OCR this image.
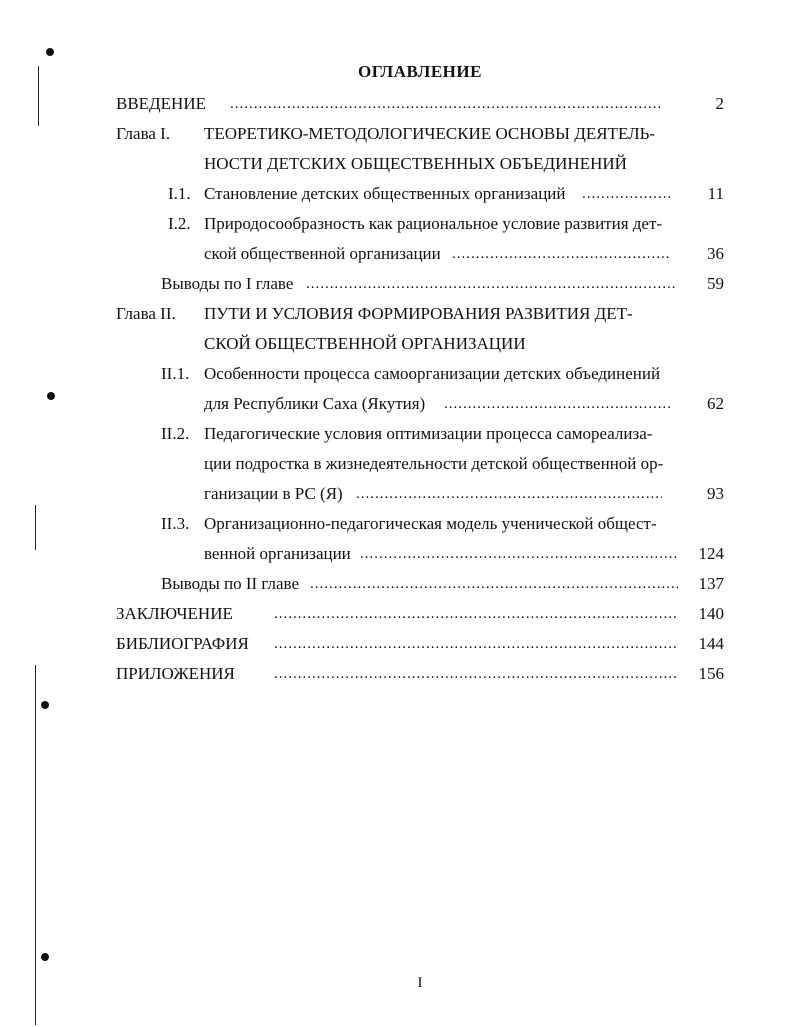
ОГЛАВЛЕНИЕ
ВВЕДЕНИЕ .....	2
Глава I. ТЕОРЕТИКО-МЕТОДОЛОГИЧЕСКИЕ ОСНОВЫ ДЕЯТЕЛЬ-
НОСТИ ДЕТСКИХ ОБЩЕСТВЕННЫХ ОБЪЕДИНЕНИЙ
I.1. Становление детских общественных организаций .....	11
I.2. Природосообразность как рациональное условие развития дет-
ской общественной организации .....	36
Выводы по I главе .....	59
Глава II. ПУТИ И УСЛОВИЯ ФОРМИРОВАНИЯ РАЗВИТИЯ ДЕТ-
СКОЙ ОБЩЕСТВЕННОЙ ОРГАНИЗАЦИИ
II.1. Особенности процесса самоорганизации детских объединений
для Республики Саха (Якутия) .....	62
II.2. Педагогические условия оптимизации процесса самореализа-
ции подростка в жизнедеятельности детской общественной ор-
ганизации в РС (Я) .....	93
II.3. Организационно-педагогическая модель ученической общест-
венной организации .....	124
Выводы по II главе .....	137
ЗАКЛЮЧЕНИЕ .....	140
БИБЛИОГРАФИЯ .....	144
ПРИЛОЖЕНИЯ .....	156
I
